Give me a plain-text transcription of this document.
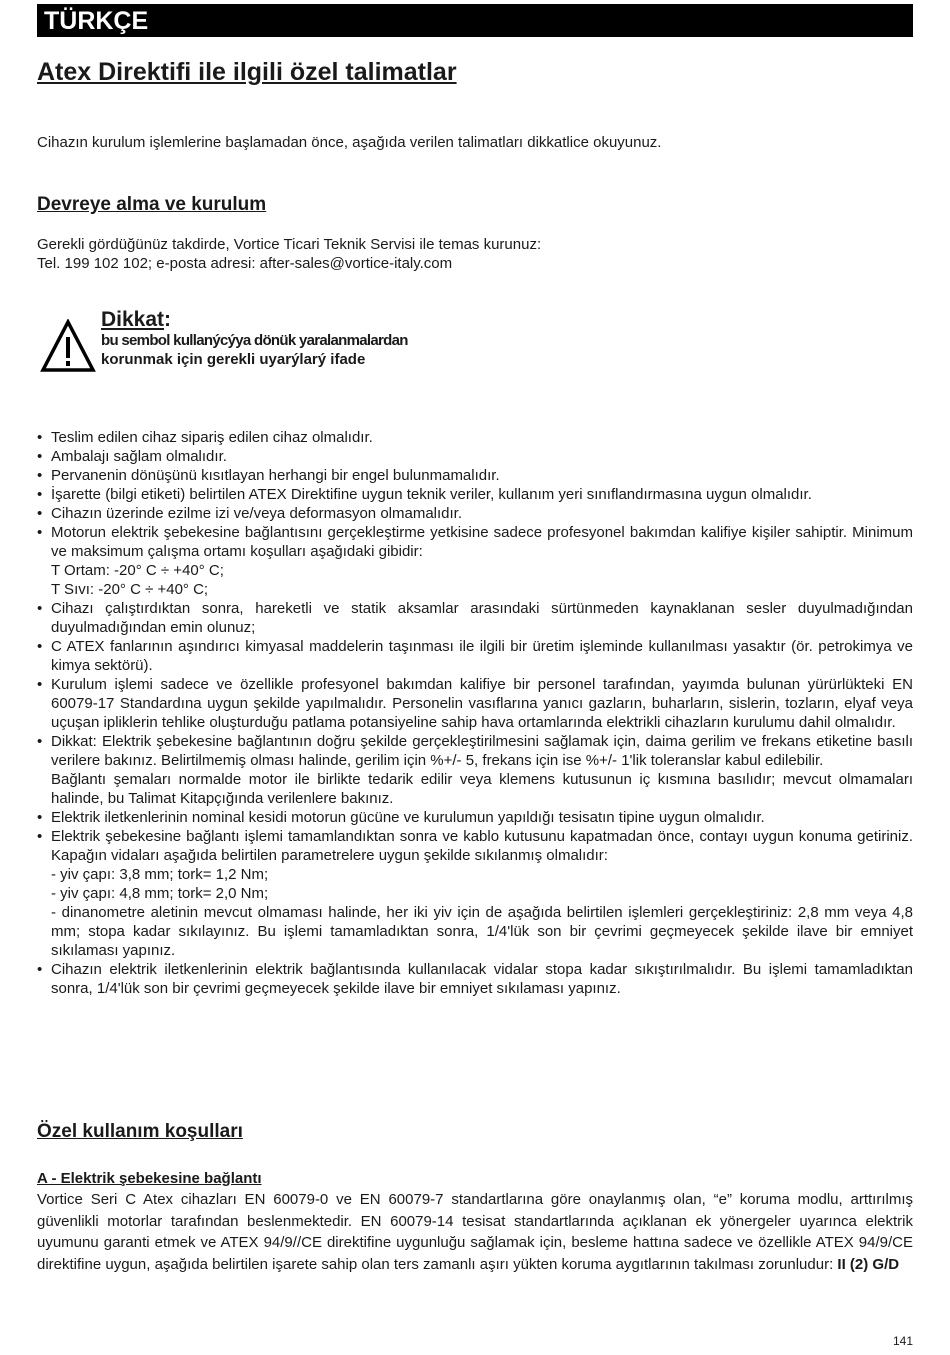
TÜRKÇE
Atex Direktifi ile ilgili özel talimatlar

Cihazın kurulum işlemlerine başlamadan önce, aşağıda verilen talimatları dikkatlice okuyunuz.

Devreye alma ve kurulum
Gerekli gördüğünüz takdirde, Vortice Ticari Teknik Servisi ile temas kurunuz:
Tel. 199 102 102; e-posta adresi: after-sales@vortice-italy.com
Dikkat:
bu sembol kullanýcýya dönük yaralanmalardan
korunmak için gerekli uyarýlarý ifade
• Teslim edilen cihaz sipariş edilen cihaz olmalıdır.
• Ambalajı sağlam olmalıdır.
• Pervanenin dönüşünü kısıtlayan herhangi bir engel bulunmamalıdır.
• İşarette (bilgi etiketi) belirtilen ATEX Direktifine uygun teknik veriler, kullanım yeri sınıflandırmasına uygun olmalıdır.
• Cihazın üzerinde ezilme izi ve/veya deformasyon olmamalıdır.
• Motorun elektrik şebekesine bağlantısını gerçekleştirme yetkisine sadece profesyonel bakımdan kalifiye kişiler sahiptir. Minimum ve maksimum çalışma ortamı koşulları aşağıdaki gibidir:
T Ortam: -20° C ÷ +40° C;
T Sıvı: -20° C ÷ +40° C;
• Cihazı çalıştırdıktan sonra, hareketli ve statik aksamlar arasındaki sürtünmeden kaynaklanan sesler duyulmadığından duyulmadığından emin olunuz;
• C ATEX fanlarının aşındırıcı kimyasal maddelerin taşınması ile ilgili bir üretim işleminde kullanılması yasaktır (ör. petrokimya ve kimya sektörü).
• Kurulum işlemi sadece ve özellikle profesyonel bakımdan kalifiye bir personel tarafından, yayımda bulunan yürürlükteki EN 60079-17 Standardına uygun şekilde yapılmalıdır. Personelin vasıflarına yanıcı gazların, buharların, sislerin, tozların, elyaf veya uçuşan ipliklerin tehlike oluşturduğu patlama potansiyeline sahip hava ortamlarında elektrikli cihazların kurulumu dahil olmalıdır.
• Dikkat: Elektrik şebekesine bağlantının doğru şekilde gerçekleştirilmesini sağlamak için, daima gerilim ve frekans etiketine basılı verilere bakınız. Belirtilmemiş olması halinde, gerilim için %+/- 5, frekans için ise %+/- 1'lik toleranslar kabul edilebilir.
Bağlantı şemaları normalde motor ile birlikte tedarik edilir veya klemens kutusunun iç kısmına basılıdır; mevcut olmamaları halinde, bu Talimat Kitapçığında verilenlere bakınız.
• Elektrik iletkenlerinin nominal kesidi motorun gücüne ve kurulumun yapıldığı tesisatın tipine uygun olmalıdır.
• Elektrik şebekesine bağlantı işlemi tamamlandıktan sonra ve kablo kutusunu kapatmadan önce, contayı uygun konuma getiriniz. Kapağın vidaları aşağıda belirtilen parametrelere uygun şekilde sıkılanmış olmalıdır:
- yiv çapı: 3,8 mm; tork= 1,2 Nm;
- yiv çapı: 4,8 mm; tork= 2,0 Nm;
- dinanometre aletinin mevcut olmaması halinde, her iki yiv için de aşağıda belirtilen işlemleri gerçekleştiriniz: 2,8 mm veya 4,8 mm; stopa kadar sıkılayınız. Bu işlemi tamamladıktan sonra, 1/4'lük son bir çevrimi geçmeyecek şekilde ilave bir emniyet sıkılaması yapınız.
• Cihazın elektrik iletkenlerinin elektrik bağlantısında kullanılacak vidalar stopa kadar sıkıştırılmalıdır. Bu işlemi tamamladıktan sonra, 1/4'lük son bir çevrimi geçmeyecek şekilde ilave bir emniyet sıkılaması yapınız.
Özel kullanım koşulları
A - Elektrik şebekesine bağlantı

Vortice Seri C Atex cihazları EN 60079-0 ve EN 60079-7 standartlarına göre onaylanmış olan, “e” koruma modlu, arttırılmış güvenlikli motorlar tarafından beslenmektedir. EN 60079-14 tesisat standartlarında açıklanan ek yönergeler uyarınca elektrik uyumunu garanti etmek ve ATEX 94/9//CE direktifine uygunluğu sağlamak için, besleme hattına sadece ve özellikle ATEX 94/9/CE direktifine uygun, aşağıda belirtilen işarete sahip olan ters zamanlı aşırı yükten koruma aygıtlarının takılması zorunludur: II (2) G/D

141
